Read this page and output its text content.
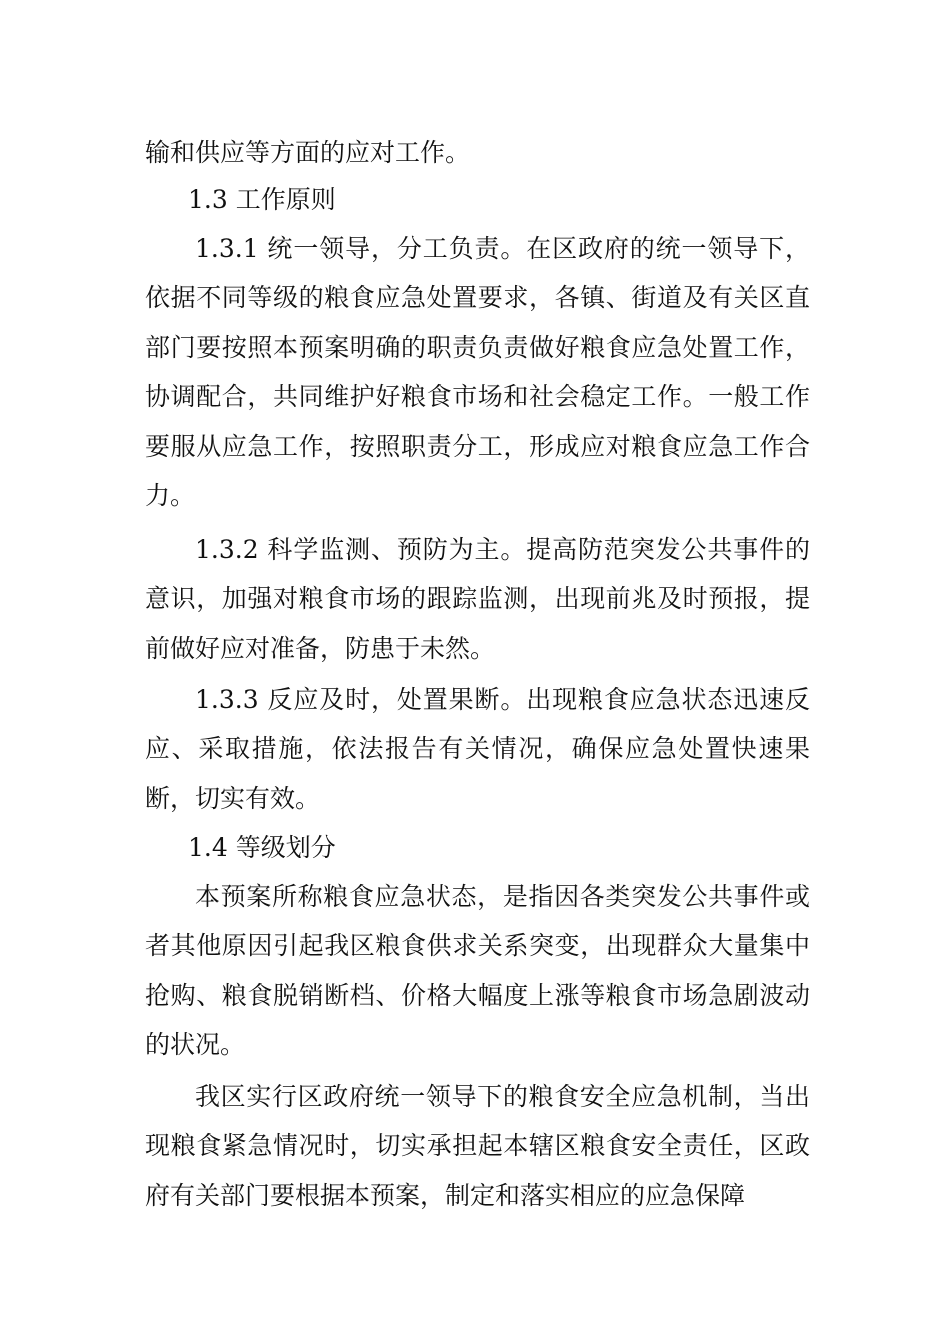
输和供应等方面的应对工作。

1.3 工作原则

1.3.1 统一领导，分工负责。在区政府的统一领导下，依据不同等级的粮食应急处置要求，各镇、街道及有关区直部门要按照本预案明确的职责负责做好粮食应急处置工作，协调配合，共同维护好粮食市场和社会稳定工作。一般工作要服从应急工作，按照职责分工，形成应对粮食应急工作合力。

1.3.2 科学监测、预防为主。提高防范突发公共事件的意识，加强对粮食市场的跟踪监测，出现前兆及时预报，提前做好应对准备，防患于未然。

1.3.3 反应及时，处置果断。出现粮食应急状态迅速反应、采取措施，依法报告有关情况，确保应急处置快速果断，切实有效。

1.4 等级划分

本预案所称粮食应急状态，是指因各类突发公共事件或者其他原因引起我区粮食供求关系突变，出现群众大量集中抢购、粮食脱销断档、价格大幅度上涨等粮食市场急剧波动的状况。

我区实行区政府统一领导下的粮食安全应急机制，当出现粮食紧急情况时，切实承担起本辖区粮食安全责任，区政府有关部门要根据本预案，制定和落实相应的应急保障
